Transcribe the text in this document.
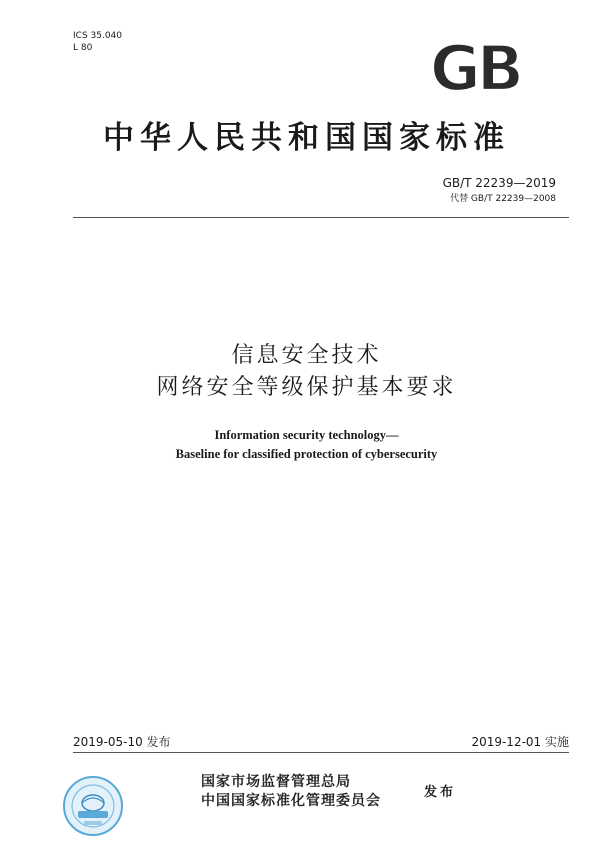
ICS 35.040
L 80	GB
中华人民共和国国家标准
GB/T 22239—2019
代替 GB/T 22239—2008
信息安全技术
网络安全等级保护基本要求
Information security technology—
Baseline for classified protection of cybersecurity
2019-05-10 发布	2019-12-01 实施
国家市场监督管理总局
中国国家标准化管理委员会
发布
